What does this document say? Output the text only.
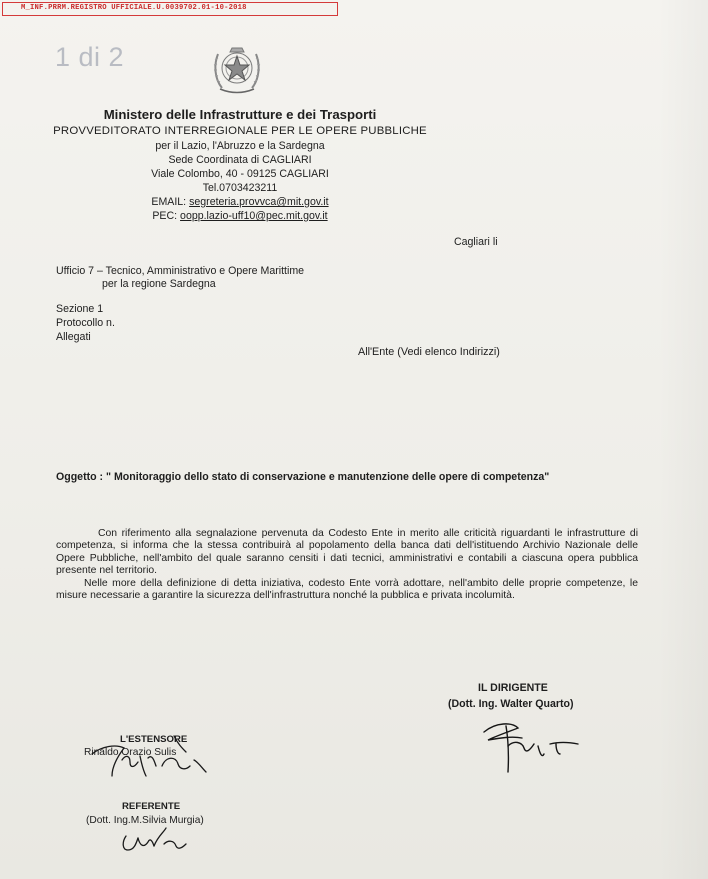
M_INF.PRRM.REGISTRO UFFICIALE.U.0039702.01-10-2018
1 di 2
Ministero delle Infrastrutture e dei Trasporti
PROVVEDITORATO INTERREGIONALE PER LE OPERE PUBBLICHE
per il Lazio, l'Abruzzo e la Sardegna
Sede Coordinata di CAGLIARI
Viale Colombo, 40 - 09125 CAGLIARI
Tel.0703423211
EMAIL: segreteria.provvca@mit.gov.it
PEC: oopp.lazio-uff10@pec.mit.gov.it
Cagliari li
Ufficio 7 – Tecnico, Amministrativo e Opere Marittime
per la regione Sardegna
Sezione 1
Protocollo n.
Allegati
All'Ente (Vedi elenco Indirizzi)
Oggetto : " Monitoraggio dello stato di conservazione e manutenzione delle opere di competenza"

Con riferimento alla segnalazione pervenuta da Codesto Ente in merito alle criticità riguardanti le infrastrutture di competenza, si informa che la stessa contribuirà al popolamento della banca dati dell'istituendo Archivio Nazionale delle Opere Pubbliche, nell'ambito del quale saranno censiti i dati tecnici, amministrativi e contabili a ciascuna opera pubblica presente nel territorio.

Nelle more della definizione di detta iniziativa, codesto Ente vorrà adottare, nell'ambito delle proprie competenze, le misure necessarie a garantire la sicurezza dell'infrastruttura nonché la pubblica e privata incolumità.

IL DIRIGENTE
(Dott. Ing. Walter Quarto)
L'ESTENSORE
Rinaldo Orazio Sulis
REFERENTE
(Dott. Ing.M.Silvia Murgia)
